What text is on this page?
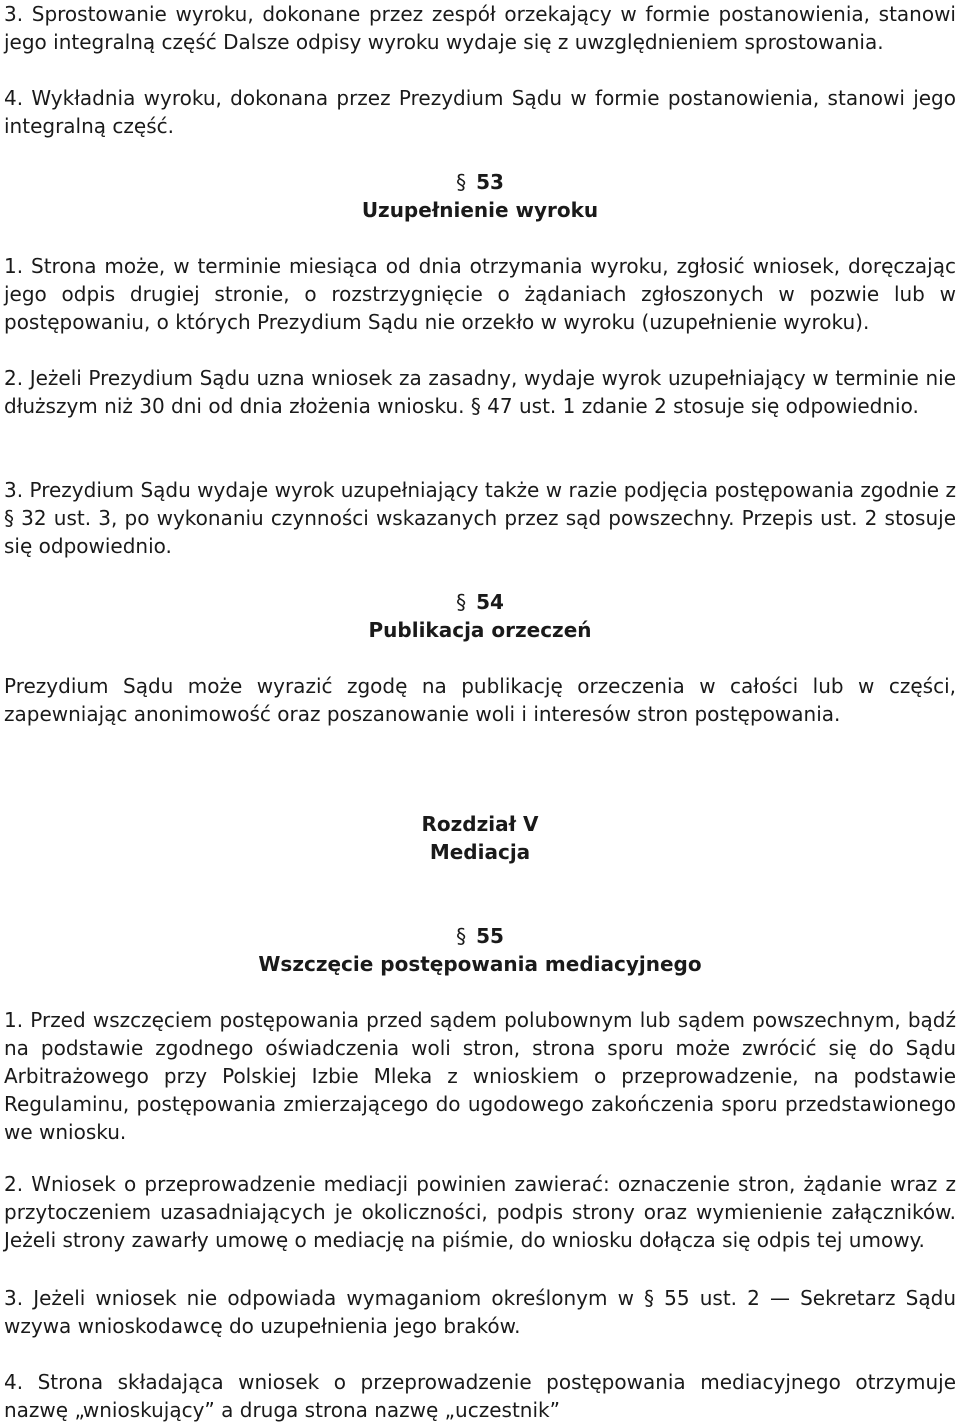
3. Sprostowanie wyroku, dokonane przez zespół orzekający w formie postanowienia, stanowi jego integralną część Dalsze odpisy wyroku wydaje się z uwzględnieniem sprostowania.

4. Wykładnia wyroku, dokonana przez Prezydium Sądu w formie postanowienia, stanowi jego integralną część.

§ 53
Uzupełnienie wyroku

1. Strona może, w terminie miesiąca od dnia otrzymania wyroku, zgłosić wniosek, doręczając jego odpis drugiej stronie, o rozstrzygnięcie o żądaniach zgłoszonych w pozwie lub w postępowaniu, o których Prezydium Sądu nie orzekło w wyroku (uzupełnienie wyroku).

2. Jeżeli Prezydium Sądu uzna wniosek za zasadny, wydaje wyrok uzupełniający w terminie nie dłuższym niż 30 dni od dnia złożenia wniosku. § 47 ust. 1 zdanie 2 stosuje się odpowiednio.

3. Prezydium Sądu wydaje wyrok uzupełniający także w razie podjęcia postępowania zgodnie z § 32 ust. 3, po wykonaniu czynności wskazanych przez sąd powszechny. Przepis ust. 2 stosuje się odpowiednio.

§ 54
Publikacja orzeczeń

Prezydium Sądu może wyrazić zgodę na publikację orzeczenia w całości lub w części, zapewniając anonimowość oraz poszanowanie woli i interesów stron postępowania.

Rozdział V
Mediacja
§ 55
Wszczęcie postępowania mediacyjnego

1. Przed wszczęciem postępowania przed sądem polubownym lub sądem powszechnym, bądź na podstawie zgodnego oświadczenia woli stron, strona sporu może zwrócić się do Sądu Arbitrażowego przy Polskiej Izbie Mleka z wnioskiem o przeprowadzenie, na podstawie Regulaminu, postępowania zmierzającego do ugodowego zakończenia sporu przedstawionego we wniosku.

2. Wniosek o przeprowadzenie mediacji powinien zawierać: oznaczenie stron, żądanie wraz z przytoczeniem uzasadniających je okoliczności, podpis strony oraz wymienienie załączników. Jeżeli strony zawarły umowę o mediację na piśmie, do wniosku dołącza się odpis tej umowy.

3. Jeżeli wniosek nie odpowiada wymaganiom określonym w § 55 ust. 2 — Sekretarz Sądu wzywa wnioskodawcę do uzupełnienia jego braków.

4. Strona składająca wniosek o przeprowadzenie postępowania mediacyjnego otrzymuje nazwę „wnioskujący” a druga strona nazwę „uczestnik”
